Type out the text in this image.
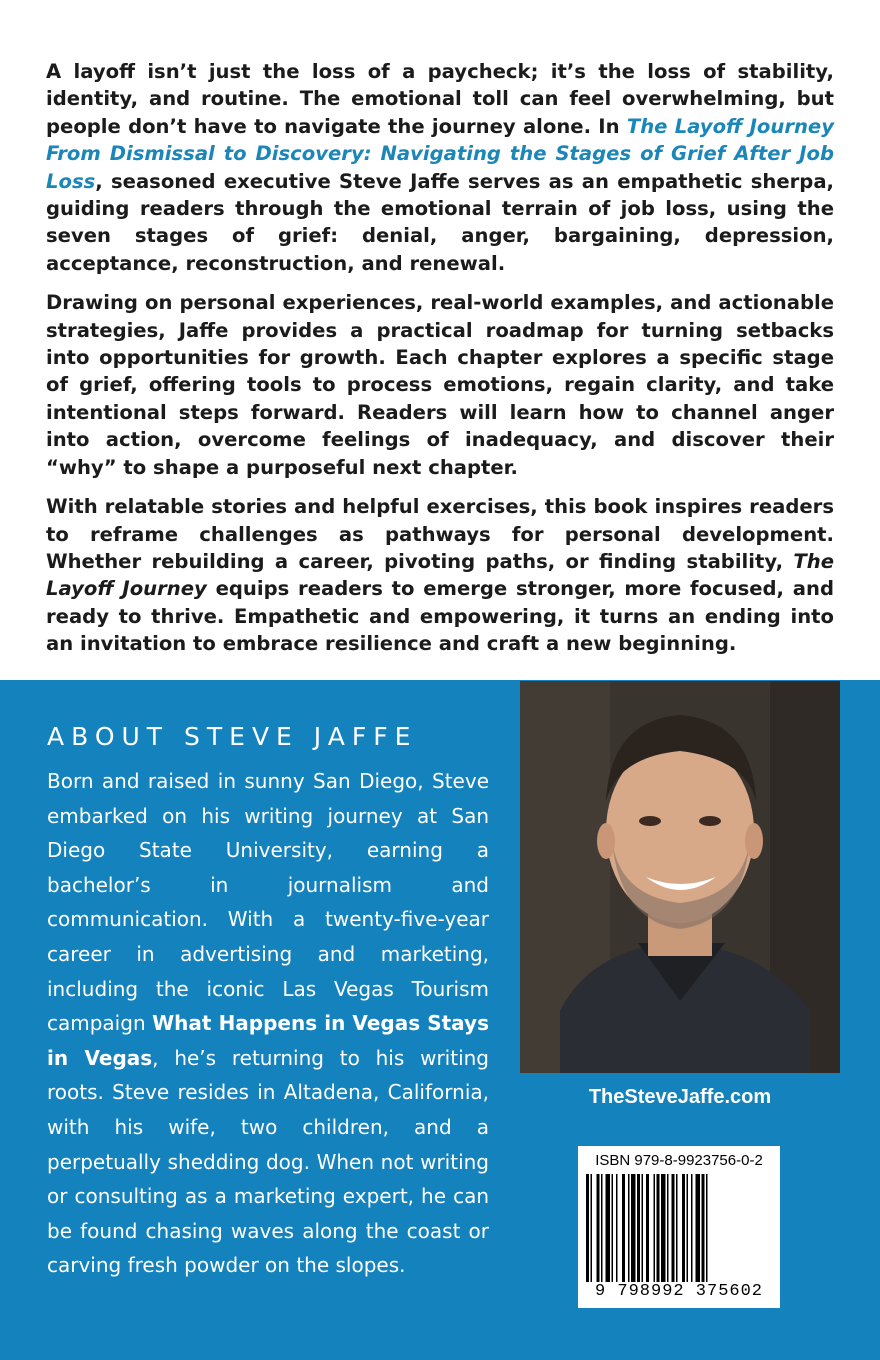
A layoff isn’t just the loss of a paycheck; it’s the loss of stability, identity, and routine. The emotional toll can feel overwhelming, but people don’t have to navigate the journey alone. In The Layoff Journey From Dismissal to Discovery: Navigating the Stages of Grief After Job Loss, seasoned executive Steve Jaffe serves as an empathetic sherpa, guiding readers through the emotional terrain of job loss, using the seven stages of grief: denial, anger, bargaining, depression, acceptance, reconstruction, and renewal.

Drawing on personal experiences, real-world examples, and actionable strategies, Jaffe provides a practical roadmap for turning setbacks into opportunities for growth. Each chapter explores a specific stage of grief, offering tools to process emotions, regain clarity, and take intentional steps forward. Readers will learn how to channel anger into action, overcome feelings of inadequacy, and discover their “why” to shape a purposeful next chapter.

With relatable stories and helpful exercises, this book inspires readers to reframe challenges as pathways for personal development. Whether rebuilding a career, pivoting paths, or finding stability, The Layoff Journey equips readers to emerge stronger, more focused, and ready to thrive. Empathetic and empowering, it turns an ending into an invitation to embrace resilience and craft a new beginning.

ABOUT STEVE JAFFE
Born and raised in sunny San Diego, Steve embarked on his writing journey at San Diego State University, earning a bachelor’s in journalism and communication. With a twenty-five-year career in advertising and marketing, including the iconic Las Vegas Tourism campaign What Happens in Vegas Stays in Vegas, he’s returning to his writing roots. Steve resides in Altadena, California, with his wife, two children, and a perpetually shedding dog. When not writing or consulting as a marketing expert, he can be found chasing waves along the coast or carving fresh powder on the slopes.
TheSteveJaffe.com
ISBN 979-8-9923756-0-2
9 798992 375602
